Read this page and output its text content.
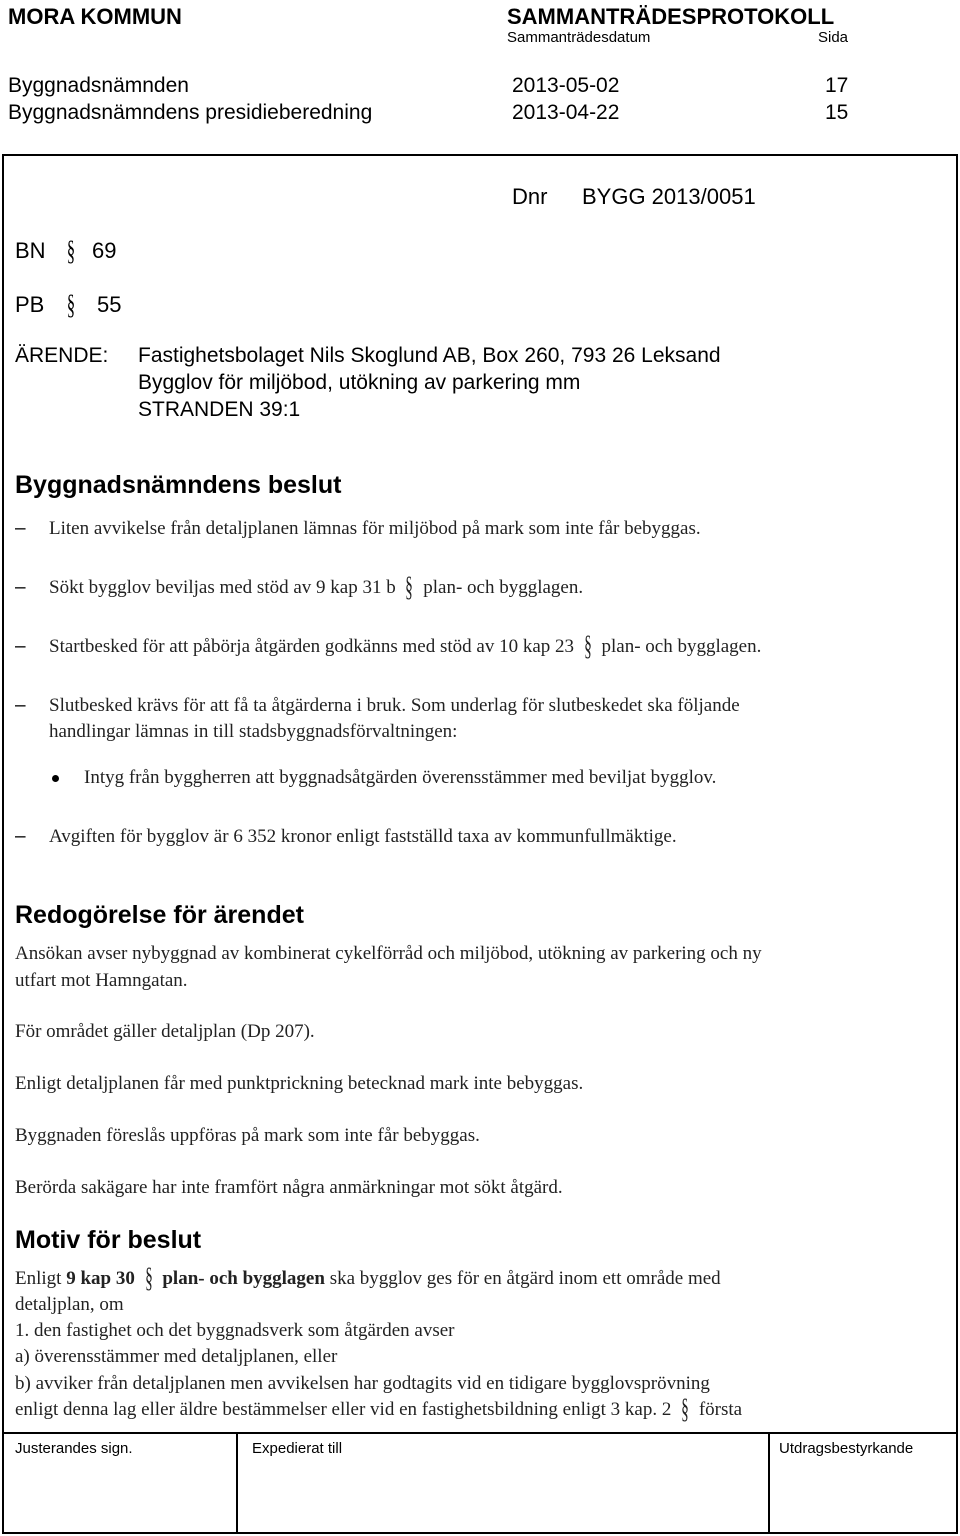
MORA KOMMUN	SAMMANTRÄDESPROTOKOLL
Sammanträdesdatum	Sida
Byggnadsnämnden	2013-05-02	17
Byggnadsnämndens presidieberedning	2013-04-22	15
Dnr BYGG 2013/0051
BN § 69
PB § 55
ÄRENDE: Fastighetsbolaget Nils Skoglund AB, Box 260, 793 26 Leksand
Bygglov för miljöbod, utökning av parkering mm
STRANDEN 39:1
Byggnadsnämndens beslut
– Liten avvikelse från detaljplanen lämnas för miljöbod på mark som inte får bebyggas.
– Sökt bygglov beviljas med stöd av 9 kap 31 b § plan- och bygglagen.
– Startbesked för att påbörja åtgärden godkänns med stöd av 10 kap 23 § plan- och bygglagen.
– Slutbesked krävs för att få ta åtgärderna i bruk. Som underlag för slutbeskedet ska följande
handlingar lämnas in till stadsbyggnadsförvaltningen:
Intyg från byggherren att byggnadsåtgärden överensstämmer med beviljat bygglov.
– Avgiften för bygglov är 6 352 kronor enligt fastställd taxa av kommunfullmäktige.
Redogörelse för ärendet
Ansökan avser nybyggnad av kombinerat cykelförråd och miljöbod, utökning av parkering och ny
utfart mot Hamngatan.
För området gäller detaljplan (Dp 207).
Enligt detaljplanen får med punktprickning betecknad mark inte bebyggas.
Byggnaden föreslås uppföras på mark som inte får bebyggas.
Berörda sakägare har inte framfört några anmärkningar mot sökt åtgärd.
Motiv för beslut
Enligt 9 kap 30 § plan- och bygglagen ska bygglov ges för en åtgärd inom ett område med
detaljplan, om
1. den fastighet och det byggnadsverk som åtgärden avser
a) överensstämmer med detaljplanen, eller
b) avviker från detaljplanen men avvikelsen har godtagits vid en tidigare bygglovsprövning
enligt denna lag eller äldre bestämmelser eller vid en fastighetsbildning enligt 3 kap. 2 § första
Justerandes sign.	Expedierat till	Utdragsbestyrkande
